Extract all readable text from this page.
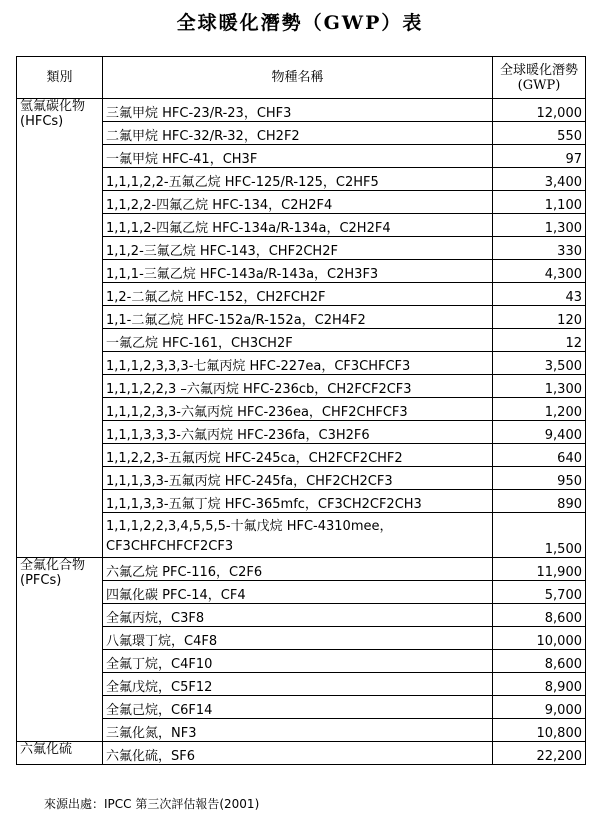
全球暖化潛勢（GWP）表
類別	物種名稱	全球暖化潛勢
(GWP)

氫氟碳化物
(HFCs)	三氟甲烷 HFC-23/R-23，CHF3	12,000
	二氟甲烷 HFC-32/R-32，CH2F2	550
	一氟甲烷 HFC-41，CH3F	97
	1,1,1,2,2-五氟乙烷 HFC-125/R-125，C2HF5	3,400
	1,1,2,2-四氟乙烷 HFC-134，C2H2F4	1,100
	1,1,1,2-四氟乙烷 HFC-134a/R-134a，C2H2F4	1,300
	1,1,2-三氟乙烷 HFC-143，CHF2CH2F	330
	1,1,1-三氟乙烷 HFC-143a/R-143a，C2H3F3	4,300
	1,2-二氟乙烷 HFC-152，CH2FCH2F	43
	1,1-二氟乙烷 HFC-152a/R-152a，C2H4F2	120
	一氟乙烷 HFC-161，CH3CH2F	12
	1,1,1,2,3,3,3-七氟丙烷 HFC-227ea，CF3CHFCF3	3,500
	1,1,1,2,2,3 –六氟丙烷 HFC-236cb，CH2FCF2CF3	1,300
	1,1,1,2,3,3-六氟丙烷 HFC-236ea，CHF2CHFCF3	1,200
	1,1,1,3,3,3-六氟丙烷 HFC-236fa，C3H2F6	9,400
	1,1,2,2,3-五氟丙烷 HFC-245ca，CH2FCF2CHF2	640
	1,1,1,3,3-五氟丙烷 HFC-245fa，CHF2CH2CF3	950
	1,1,1,3,3-五氟丁烷 HFC-365mfc，CF3CH2CF2CH3	890
	1,1,1,2,2,3,4,5,5,5-十氟戊烷 HFC-4310mee，CF3CHFCHFCF2CF3	1,500

全氟化合物
(PFCs)	六氟乙烷 PFC-116，C2F6	11,900
	四氟化碳 PFC-14，CF4	5,700
	全氟丙烷，C3F8	8,600
	八氟環丁烷，C4F8	10,000
	全氟丁烷，C4F10	8,600
	全氟戊烷，C5F12	8,900
	全氟己烷，C6F14	9,000
	三氟化氮，NF3	10,800

六氟化硫	六氟化硫，SF6	22,200
來源出處：IPCC 第三次評估報告(2001)
